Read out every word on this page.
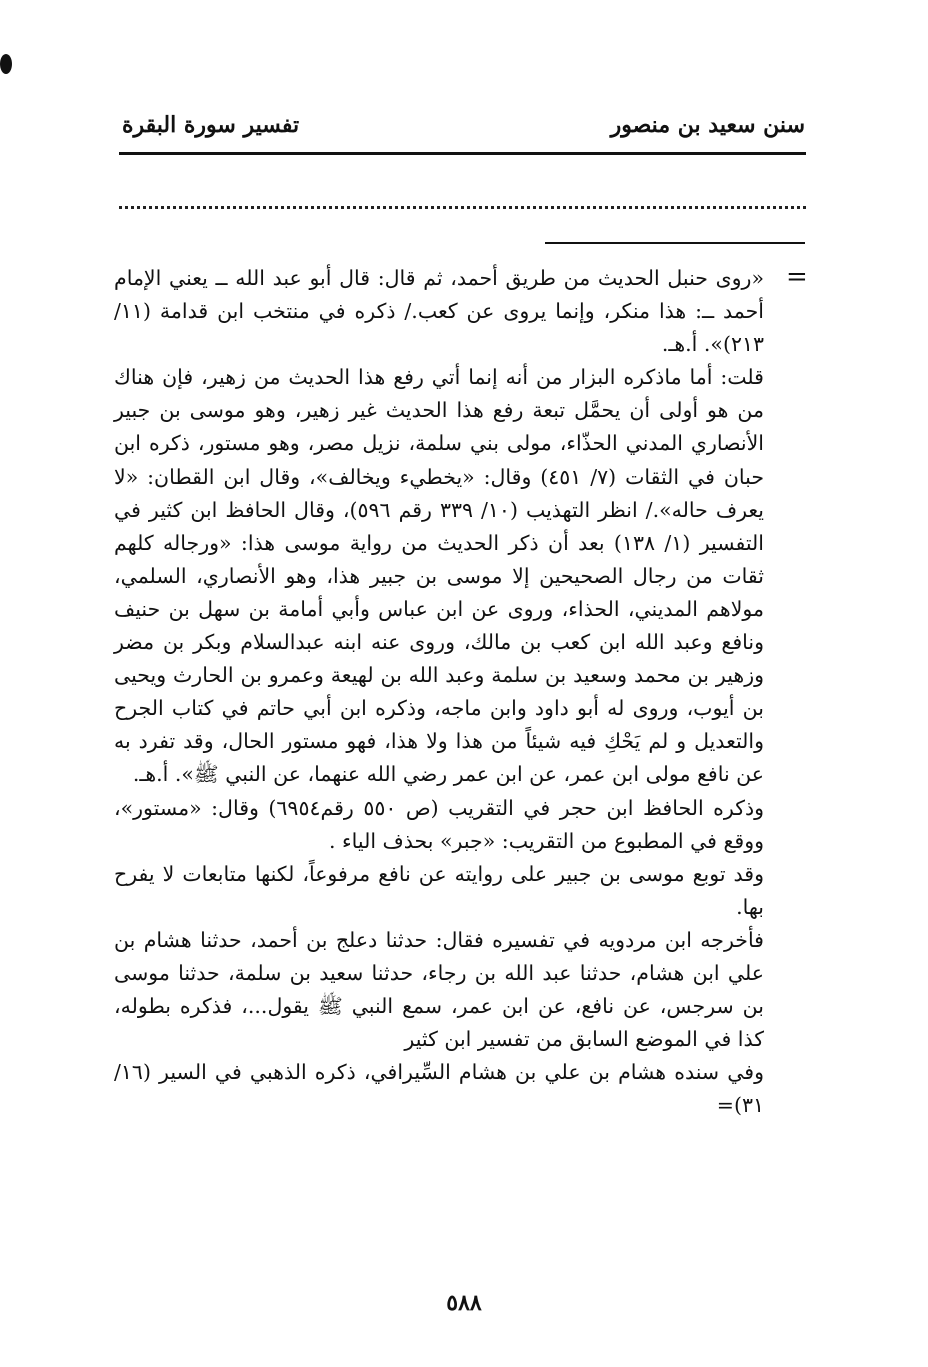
سنن سعيد بن منصور
تفسير سورة البقرة
=

«روى حنبل الحديث من طريق أحمد، ثم قال: قال أبو عبد الله ــ يعني الإمام أحمد ــ: هذا منكر، وإنما يروى عن كعب./ ذكره في منتخب ابن قدامة (١١/ ٢١٣)». أ.هـ.

قلت: أما ماذكره البزار من أنه إنما أتي رفع هذا الحديث من زهير، فإن هناك من هو أولى أن يحمَّل تبعة رفع هذا الحديث غير زهير، وهو موسى بن جبير الأنصاري المدني الحذّاء، مولى بني سلمة، نزيل مصر، وهو مستور، ذكره ابن حبان في الثقات (٧/ ٤٥١) وقال: «يخطيء ويخالف»، وقال ابن القطان: «لا يعرف حاله»./ انظر التهذيب (١٠/ ٣٣٩ رقم ٥٩٦)، وقال الحافظ ابن كثير في التفسير (١/ ١٣٨) بعد أن ذكر الحديث من رواية موسى هذا: «ورجاله كلهم ثقات من رجال الصحيحين إلا موسى بن جبير هذا، وهو الأنصاري، السلمي، مولاهم المديني، الحذاء، وروى عن ابن عباس وأبي أمامة بن سهل بن حنيف ونافع وعبد الله ابن كعب بن مالك، وروى عنه ابنه عبدالسلام وبكر بن مضر وزهير بن محمد وسعيد بن سلمة وعبد الله بن لهيعة وعمرو بن الحارث ويحيى بن أيوب، وروى له أبو داود وابن ماجه، وذكره ابن أبي حاتم في كتاب الجرح والتعديل و لم يَحْكِ فيه شيئاً من هذا ولا هذا، فهو مستور الحال، وقد تفرد به عن نافع مولى ابن عمر، عن ابن عمر رضي الله عنهما، عن النبي ﷺ». أ.هـ.

وذكره الحافظ ابن حجر في التقريب (ص ٥٥٠ رقم٦٩٥٤) وقال: «مستور»، ووقع في المطبوع من التقريب: «جبر» بحذف الياء .

وقد توبع موسى بن جبير على روايته عن نافع مرفوعاً، لكنها متابعات لا يفرح بها.

فأخرجه ابن مردويه في تفسيره فقال: حدثنا دعلج بن أحمد، حدثنا هشام بن علي ابن هشام، حدثنا عبد الله بن رجاء، حدثنا سعيد بن سلمة، حدثنا موسى بن سرجس، عن نافع، عن ابن عمر، سمع النبي ﷺ يقول...، فذكره بطوله، كذا في الموضع السابق من تفسير ابن كثير

وفي سنده هشام بن علي بن هشام السِّيرافي، ذكره الذهبي في السير (١٦/ ٣١)=

٥٨٨
